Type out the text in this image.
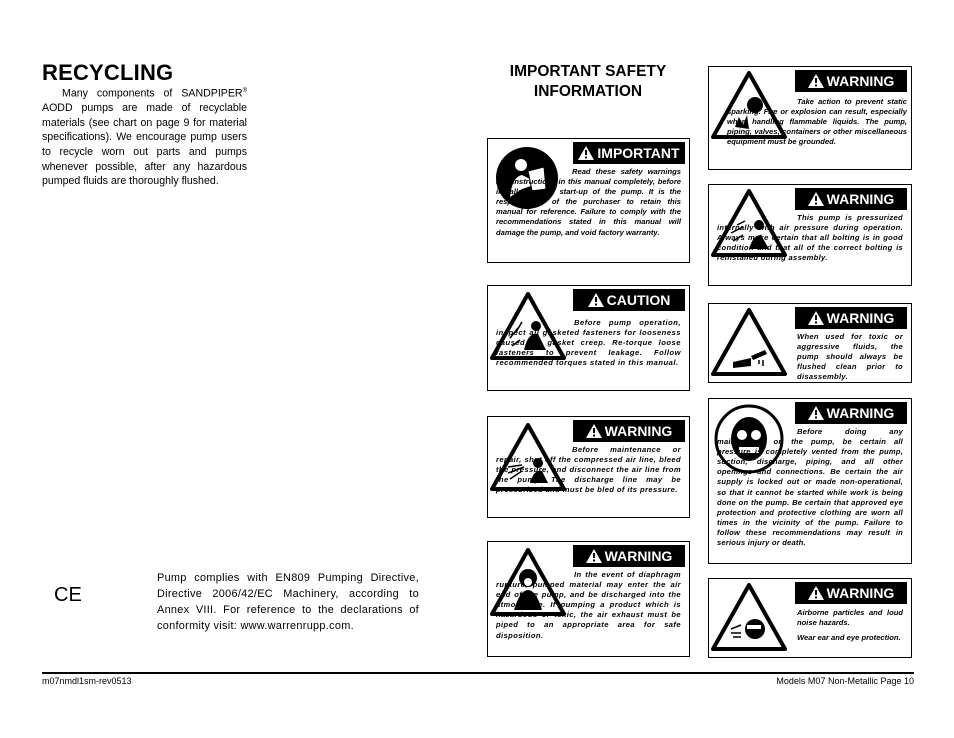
RECYCLING
Many components of SANDPIPER® AODD pumps are made of recyclable materials (see chart on page 9 for material specifications). We encourage pump users to recycle worn out parts and pumps whenever possible, after any hazardous pumped fluids are thoroughly flushed.
CE
Pump complies with EN809 Pumping Directive, Directive 2006/42/EC Machinery, according to Annex VIII. For reference to the declarations of conformity visit: www.warrenrupp.com.
IMPORTANT SAFETY INFORMATION
IMPORTANT
Read these safety warnings and instructions in this manual completely, before installation and start-up of the pump. It is the responsibility of the purchaser to retain this manual for reference. Failure to comply with the recommendations stated in this manual will damage the pump, and void factory warranty.
CAUTION
Before pump operation, inspect all gasketed fasteners for looseness caused by gasket creep. Re-torque loose fasteners to prevent leakage. Follow recommended torques stated in this manual.
WARNING
Before maintenance or repair, shut off the compressed air line, bleed the pressure, and disconnect the air line from the pump. The discharge line may be pressurized and must be bled of its pressure.
WARNING
In the event of diaphragm rupture, pumped material may enter the air end of the pump, and be discharged into the atmosphere. If pumping a product which is hazardous or toxic, the air exhaust must be piped to an appropriate area for safe disposition.
WARNING
Take action to prevent static sparking. Fire or explosion can result, especially when handling flammable liquids. The pump, piping, valves, containers or other miscellaneous equipment must be grounded.
WARNING
This pump is pressurized internally with air pressure during operation. Always make certain that all bolting is in good condition and that all of the correct bolting is reinstalled during assembly.
WARNING
When used for toxic or aggressive fluids, the pump should always be flushed clean prior to disassembly.
WARNING
Before doing any maintenance on the pump, be certain all pressure is completely vented from the pump, suction, discharge, piping, and all other openings and connections. Be certain the air supply is locked out or made non-operational, so that it cannot be started while work is being done on the pump. Be certain that approved eye protection and protective clothing are worn all times in the vicinity of the pump. Failure to follow these recommendations may result in serious injury or death.
WARNING
Airborne particles and loud noise hazards.
Wear ear and eye protection.
m07nmdl1sm-rev0513	Models M07 Non-Metallic Page 10
